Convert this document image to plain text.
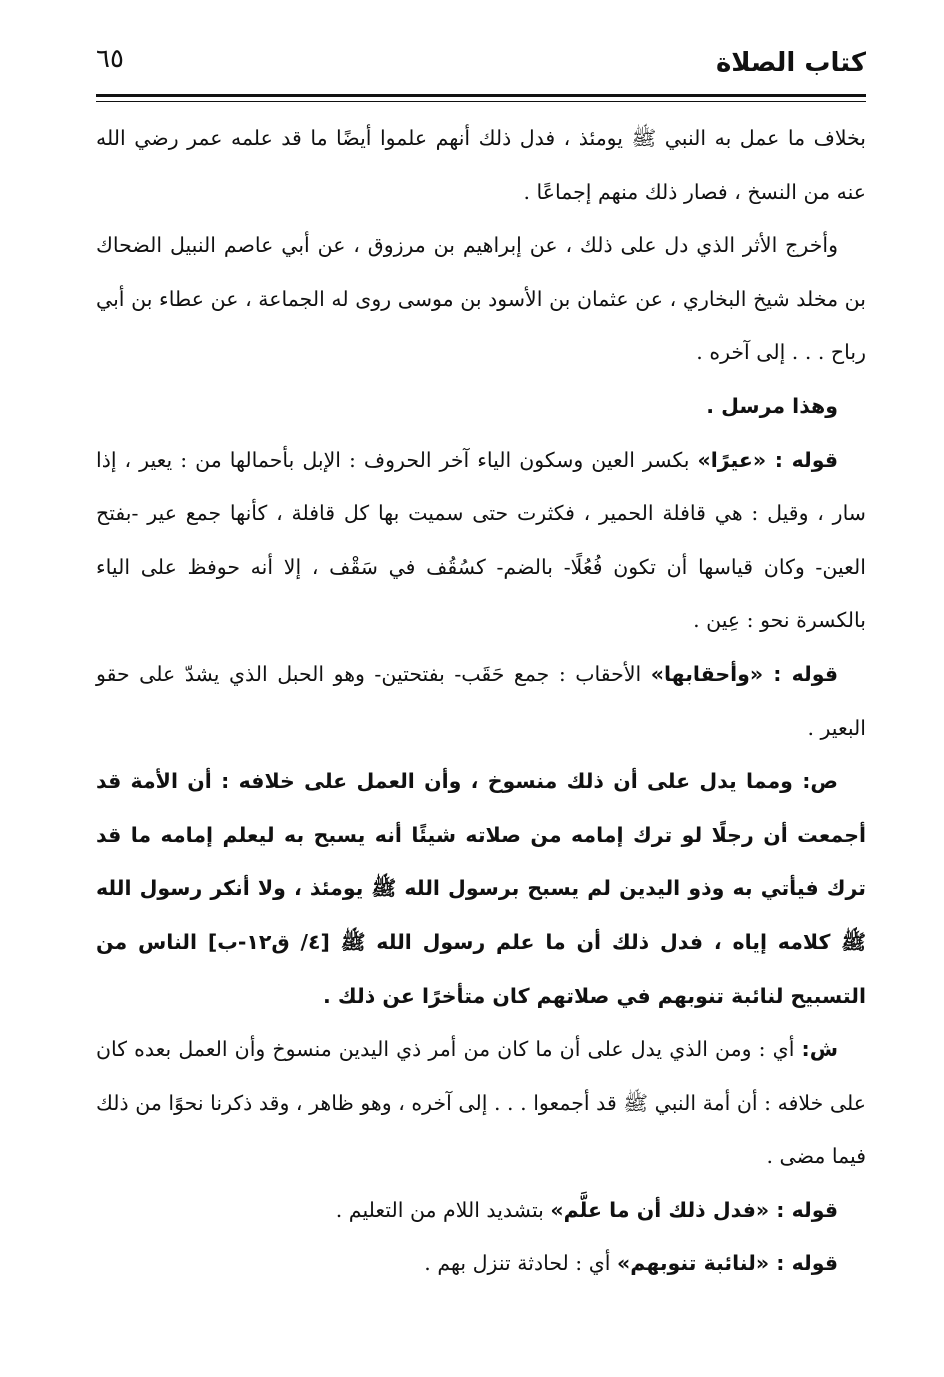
كتاب الصلاة
٦٥

بخلاف ما عمل به النبي ﷺ يومئذ ، فدل ذلك أنهم علموا أيضًا ما قد علمه عمر رضي الله عنه من النسخ ، فصار ذلك منهم إجماعًا .

وأخرج الأثر الذي دل على ذلك ، عن إبراهيم بن مرزوق ، عن أبي عاصم النبيل الضحاك بن مخلد شيخ البخاري ، عن عثمان بن الأسود بن موسى روى له الجماعة ، عن عطاء بن أبي رباح . . . إلى آخره .

وهذا مرسل .

قوله : «عيرًا» بكسر العين وسكون الياء آخر الحروف : الإبل بأحمالها من : يعير ، إذا سار ، وقيل : هي قافلة الحمير ، فكثرت حتى سميت بها كل قافلة ، كأنها جمع عير -بفتح العين- وكان قياسها أن تكون فُعُلًا- بالضم- كسُقُف في سَقْف ، إلا أنه حوفظ على الياء بالكسرة نحو : عِين .

قوله : «وأحقابها» الأحقاب : جمع حَقَب- بفتحتين- وهو الحبل الذي يشدّ على حقو البعير .

ص: ومما يدل على أن ذلك منسوخ ، وأن العمل على خلافه : أن الأمة قد أجمعت أن رجلًا لو ترك إمامه من صلاته شيئًا أنه يسبح به ليعلم إمامه ما قد ترك فيأتي به وذو اليدين لم يسبح برسول الله ﷺ يومئذ ، ولا أنكر رسول الله ﷺ كلامه إياه ، فدل ذلك أن ما علم رسول الله ﷺ [٤/ ق١٢-ب] الناس من التسبيح لنائبة تنوبهم في صلاتهم كان متأخرًا عن ذلك .

ش: أي : ومن الذي يدل على أن ما كان من أمر ذي اليدين منسوخ وأن العمل بعده كان على خلافه : أن أمة النبي ﷺ قد أجمعوا . . . إلى آخره ، وهو ظاهر ، وقد ذكرنا نحوًا من ذلك فيما مضى .

قوله : «فدل ذلك أن ما علَّم» بتشديد اللام من التعليم .

قوله : «لنائبة تنوبهم» أي : لحادثة تنزل بهم .
